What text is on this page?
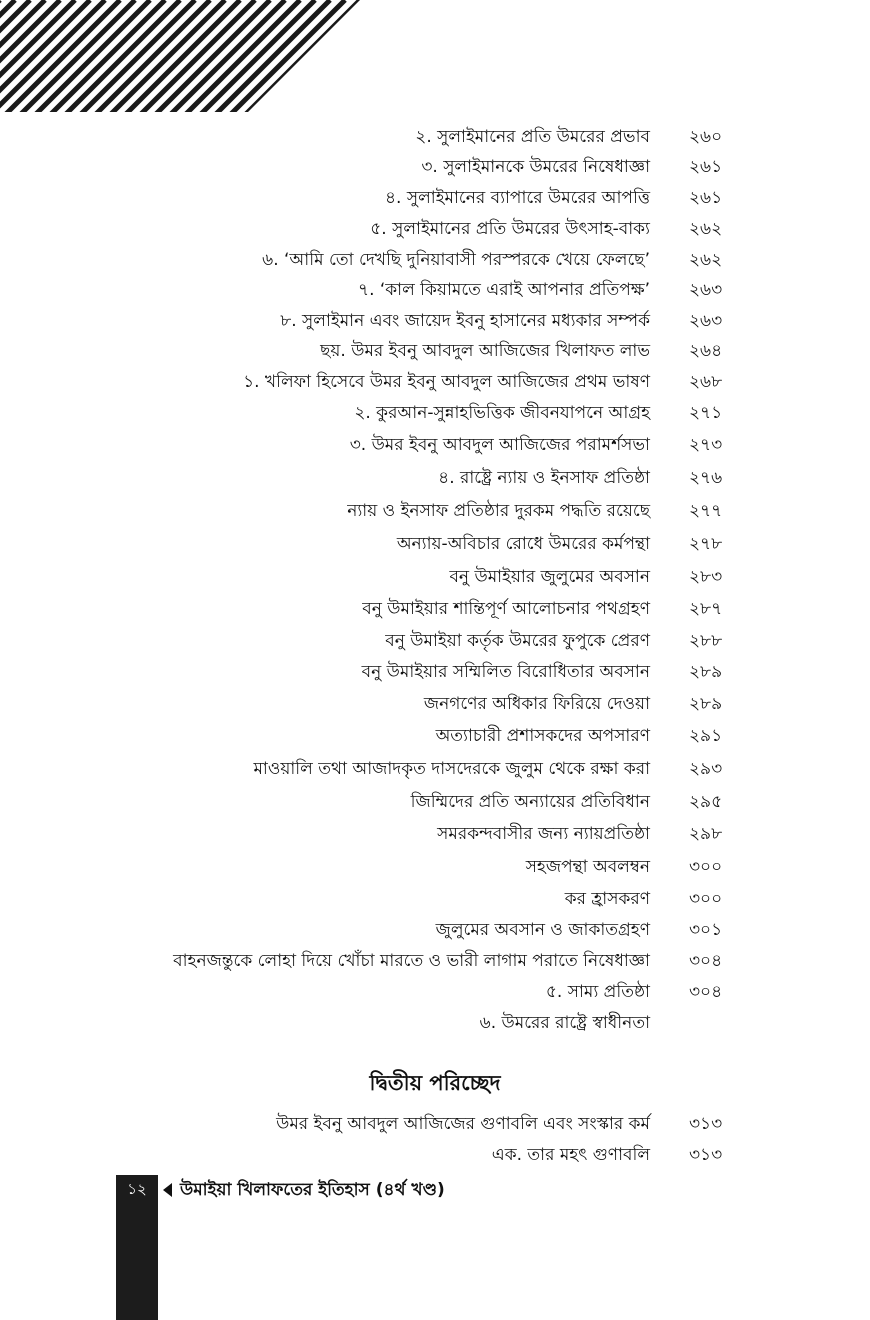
২. সুলাইমানের প্রতি উমরের প্রভাব ২৬০
৩. সুলাইমানকে উমরের নিষেধাজ্ঞা ২৬১
৪. সুলাইমানের ব্যাপারে উমরের আপত্তি ২৬১
৫. সুলাইমানের প্রতি উমরের উৎসাহ-বাক্য ২৬২
৬. ‘আমি তো দেখছি দুনিয়াবাসী পরস্পরকে খেয়ে ফেলছে’ ২৬২
৭. ‘কাল কিয়ামতে এরাই আপনার প্রতিপক্ষ’ ২৬৩
৮. সুলাইমান এবং জায়েদ ইবনু হাসানের মধ্যকার সম্পর্ক ২৬৩
ছয়. উমর ইবনু আবদুল আজিজের খিলাফত লাভ ২৬৪
১. খলিফা হিসেবে উমর ইবনু আবদুল আজিজের প্রথম ভাষণ ২৬৮
২. কুরআন-সুন্নাহভিত্তিক জীবনযাপনে আগ্রহ ২৭১
৩. উমর ইবনু আবদুল আজিজের পরামর্শসভা ২৭৩
৪. রাষ্ট্রে ন্যায় ও ইনসাফ প্রতিষ্ঠা ২৭৬
ন্যায় ও ইনসাফ প্রতিষ্ঠার দুরকম পদ্ধতি রয়েছে ২৭৭
অন্যায়-অবিচার রোধে উমরের কর্মপন্থা ২৭৮
বনু উমাইয়ার জুলুমের অবসান ২৮৩
বনু উমাইয়ার শান্তিপূর্ণ আলোচনার পথগ্রহণ ২৮৭
বনু উমাইয়া কর্তৃক উমরের ফুপুকে প্রেরণ ২৮৮
বনু উমাইয়ার সম্মিলিত বিরোধিতার অবসান ২৮৯
জনগণের অধিকার ফিরিয়ে দেওয়া ২৮৯
অত্যাচারী প্রশাসকদের অপসারণ ২৯১
মাওয়ালি তথা আজাদকৃত দাসদেরকে জুলুম থেকে রক্ষা করা ২৯৩
জিম্মিদের প্রতি অন্যায়ের প্রতিবিধান ২৯৫
সমরকন্দবাসীর জন্য ন্যায়প্রতিষ্ঠা ২৯৮
সহজপন্থা অবলম্বন ৩০০
কর হ্রাসকরণ ৩০০
জুলুমের অবসান ও জাকাতগ্রহণ ৩০১
বাহনজন্তুকে লোহা দিয়ে খোঁচা মারতে ও ভারী লাগাম পরাতে নিষেধাজ্ঞা ৩০৪
৫. সাম্য প্রতিষ্ঠা ৩০৪
৬. উমরের রাষ্ট্রে স্বাধীনতা
দ্বিতীয় পরিচ্ছেদ
উমর ইবনু আবদুল আজিজের গুণাবলি এবং সংস্কার কর্ম ৩১৩
এক. তার মহৎ গুণাবলি ৩১৩
১২	উমাইয়া খিলাফতের ইতিহাস (৪র্থ খণ্ড)
